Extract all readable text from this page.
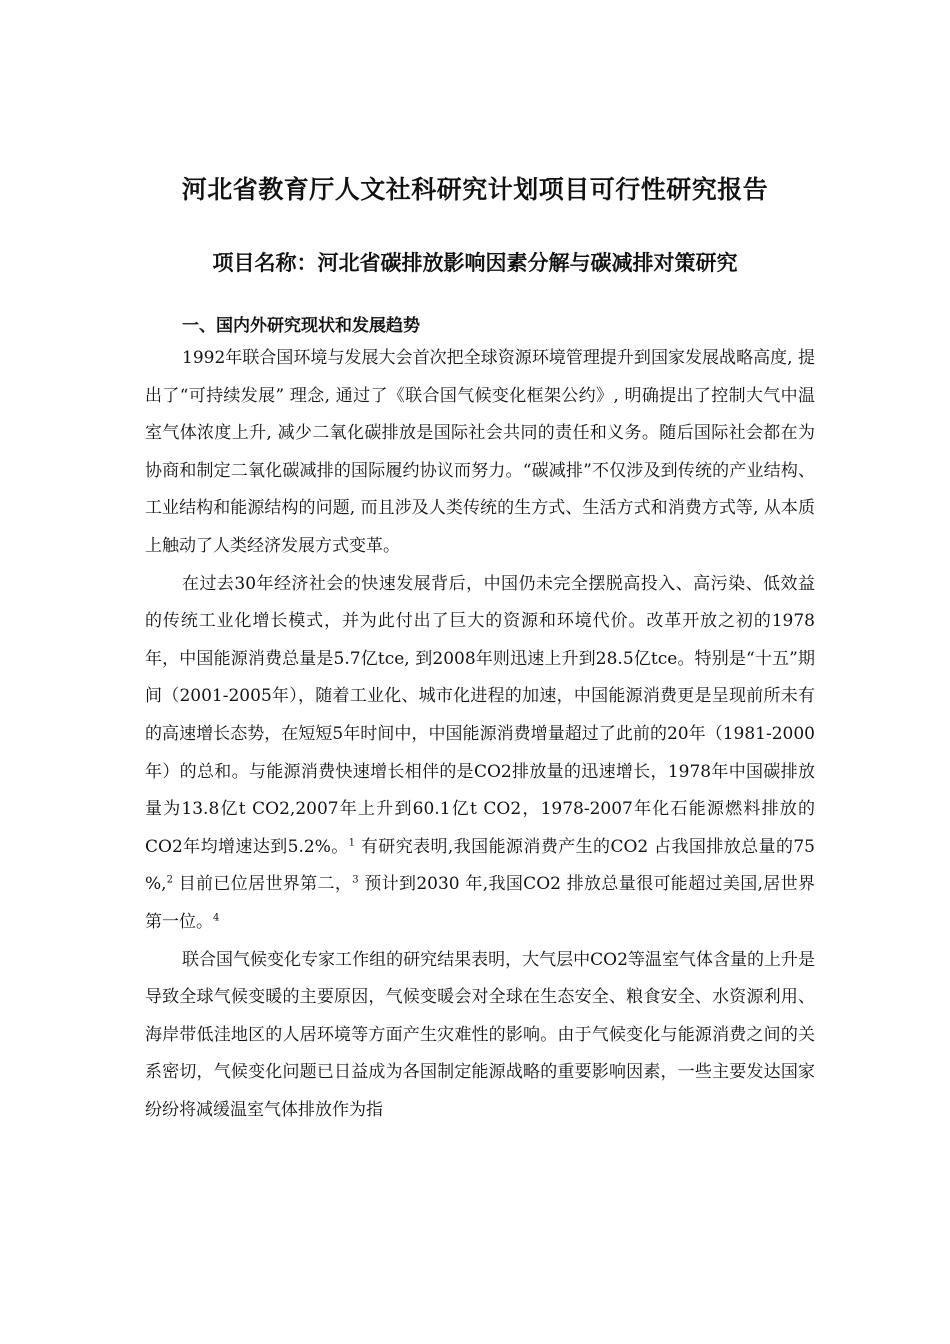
河北省教育厅人文社科研究计划项目可行性研究报告
项目名称：河北省碳排放影响因素分解与碳减排对策研究
一、国内外研究现状和发展趋势

1992年联合国环境与发展大会首次把全球资源环境管理提升到国家发展战略高度, 提出了“可持续发展” 理念, 通过了《联合国气候变化框架公约》, 明确提出了控制大气中温室气体浓度上升, 减少二氧化碳排放是国际社会共同的责任和义务。随后国际社会都在为协商和制定二氧化碳减排的国际履约协议而努力。“碳减排”不仅涉及到传统的产业结构、工业结构和能源结构的问题, 而且涉及人类传统的生方式、生活方式和消费方式等, 从本质上触动了人类经济发展方式变革。

在过去30年经济社会的快速发展背后，中国仍未完全摆脱高投入、高污染、低效益的传统工业化增长模式，并为此付出了巨大的资源和环境代价。改革开放之初的1978年，中国能源消费总量是5.7亿tce, 到2008年则迅速上升到28.5亿tce。特别是“十五”期间（2001-2005年），随着工业化、城市化进程的加速，中国能源消费更是呈现前所未有的高速增长态势，在短短5年时间中，中国能源消费增量超过了此前的20年（1981-2000年）的总和。与能源消费快速增长相伴的是CO2排放量的迅速增长，1978年中国碳排放量为13.8亿t CO2,2007年上升到60.1亿t CO2，1978-2007年化石能源燃料排放的CO2年均增速达到5.2%。$^1$ 有研究表明,我国能源消费产生的CO2 占我国排放总量的75 %,$^2$ 目前已位居世界第二，$^3$ 预计到2030 年,我国CO2 排放总量很可能超过美国,居世界第一位。$^4$

联合国气候变化专家工作组的研究结果表明，大气层中CO2等温室气体含量的上升是导致全球气候变暖的主要原因，气候变暖会对全球在生态安全、粮食安全、水资源利用、海岸带低洼地区的人居环境等方面产生灾难性的影响。由于气候变化与能源消费之间的关系密切，气候变化问题已日益成为各国制定能源战略的重要影响因素，一些主要发达国家纷纷将减缓温室气体排放作为指
